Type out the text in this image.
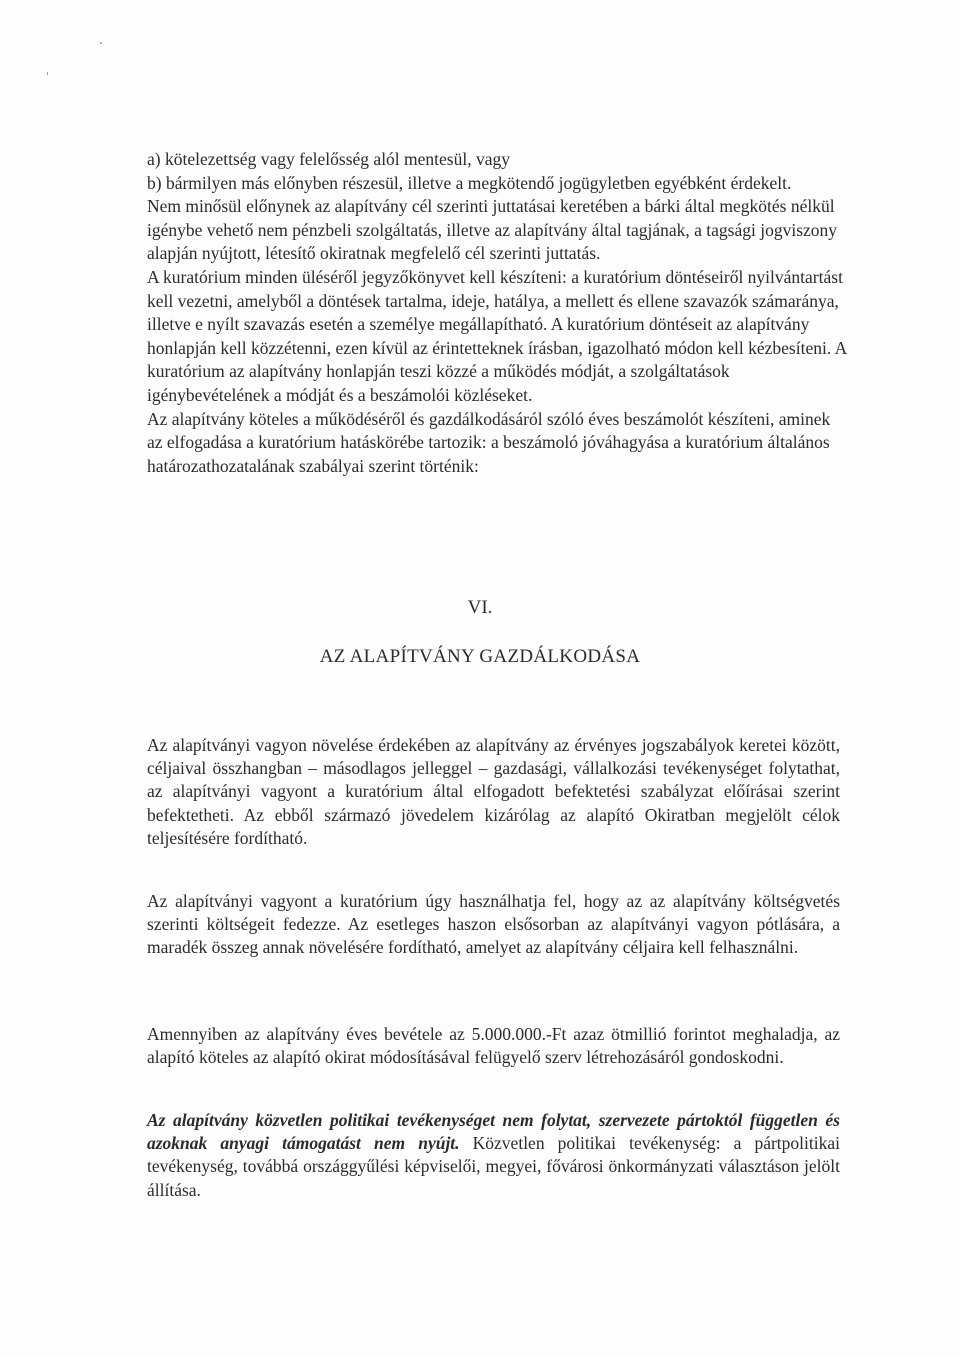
a) kötelezettség vagy felelősség alól mentesül, vagy

b) bármilyen más előnyben részesül, illetve a megkötendő jogügyletben egyébként érdekelt.

Nem minősül előnynek az alapítvány cél szerinti juttatásai keretében a bárki által megkötés nélkül igénybe vehető nem pénzbeli szolgáltatás, illetve az alapítvány által tagjának, a tagsági jogviszony alapján nyújtott, létesítő okiratnak megfelelő cél szerinti juttatás.

A kuratórium minden üléséről jegyzőkönyvet kell készíteni: a kuratórium döntéseiről nyilvántartást kell vezetni, amelyből a döntések tartalma, ideje, hatálya, a mellett és ellene szavazók számaránya, illetve e nyílt szavazás esetén a személye megállapítható. A kuratórium döntéseit az alapítvány honlapján kell közzétenni, ezen kívül az érintetteknek írásban, igazolható módon kell kézbesíteni. A kuratórium az alapítvány honlapján teszi közzé a működés módját, a szolgáltatások igénybevételének a módját és a beszámolói közléseket.

Az alapítvány köteles a működéséről és gazdálkodásáról szóló éves beszámolót készíteni, aminek az elfogadása a kuratórium hatáskörébe tartozik: a beszámoló jóváhagyása a kuratórium általános határozathozatalának szabályai szerint történik:

VI.
AZ ALAPÍTVÁNY GAZDÁLKODÁSA

Az alapítványi vagyon növelése érdekében az alapítvány az érvényes jogszabályok keretei között, céljaival összhangban – másodlagos jelleggel – gazdasági, vállalkozási tevékenységet folytathat, az alapítványi vagyont a kuratórium által elfogadott befektetési szabályzat előírásai szerint befektetheti. Az ebből származó jövedelem kizárólag az alapító Okiratban megjelölt célok teljesítésére fordítható.

Az alapítványi vagyont a kuratórium úgy használhatja fel, hogy az az alapítvány költségvetés szerinti költségeit fedezze. Az esetleges haszon elsősorban az alapítványi vagyon pótlására, a maradék összeg annak növelésére fordítható, amelyet az alapítvány céljaira kell felhasználni.

Amennyiben az alapítvány éves bevétele az 5.000.000.-Ft azaz ötmillió forintot meghaladja, az alapító köteles az alapító okirat módosításával felügyelő szerv létrehozásáról gondoskodni.

Az alapítvány közvetlen politikai tevékenységet nem folytat, szervezete pártoktól független és azoknak anyagi támogatást nem nyújt. Közvetlen politikai tevékenység: a pártpolitikai tevékenység, továbbá országgyűlési képviselői, megyei, fővárosi önkormányzati választáson jelölt állítása.
